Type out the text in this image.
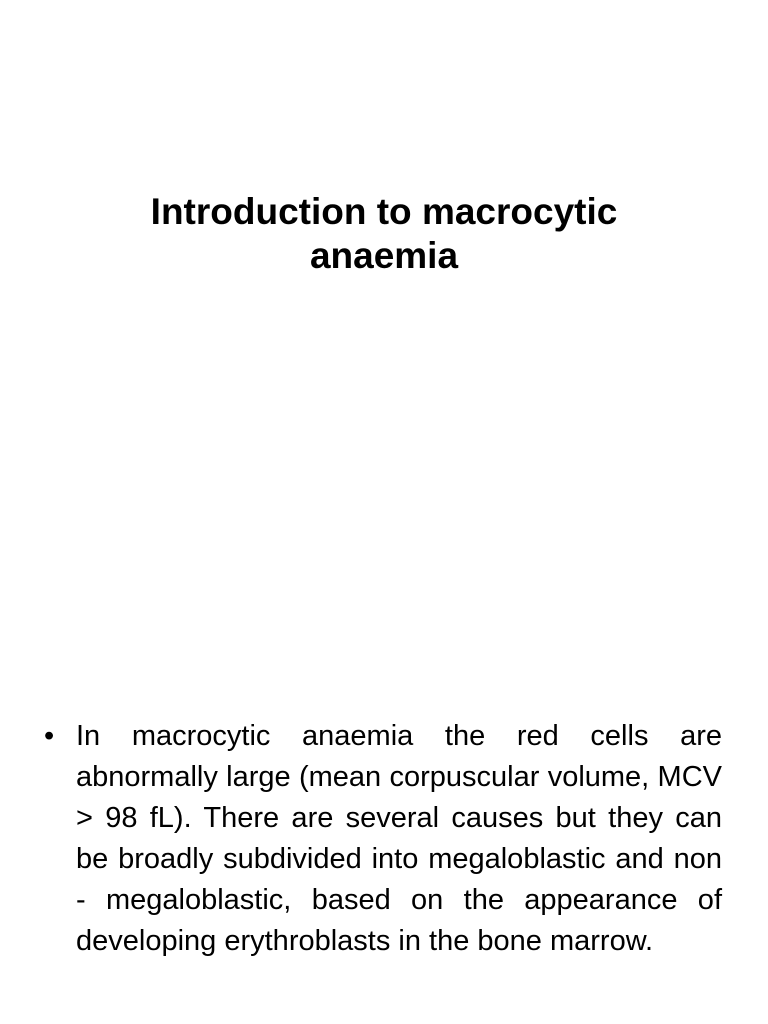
Introduction to macrocytic
anaemia
• In macrocytic anaemia the red cells are abnormally large (mean corpuscular volume, MCV > 98 fL). There are several causes but they can be broadly subdivided into megaloblastic and non - megaloblastic, based on the appearance of developing erythroblasts in the bone marrow.
